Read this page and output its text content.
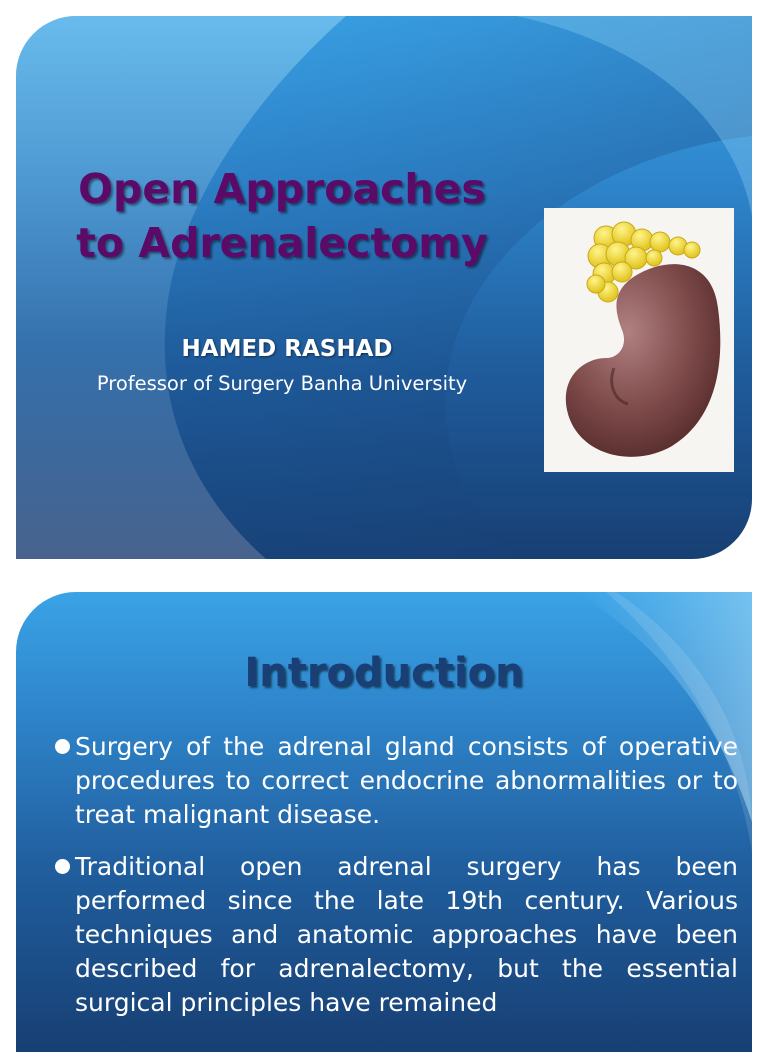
Open Approaches
to Adrenalectomy
HAMED RASHAD
Professor of Surgery Banha University
Introduction
Surgery of the adrenal gland consists of operative procedures to correct endocrine abnormalities or to treat malignant disease.
Traditional open adrenal surgery has been performed since the late 19th century. Various techniques and anatomic approaches have been described for adrenalectomy, but the essential surgical principles have remained
